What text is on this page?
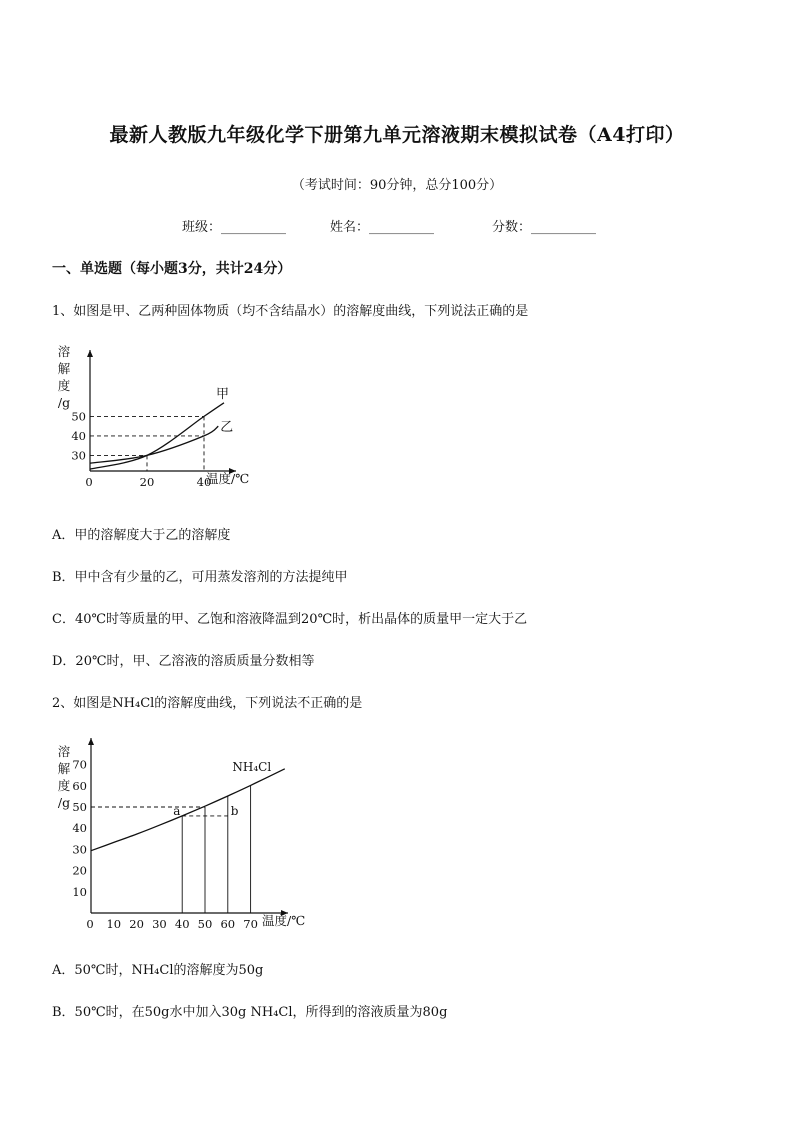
最新人教版九年级化学下册第九单元溶液期末模拟试卷（A4打印）
（考试时间：90分钟，总分100分）
班级：__________	姓名：__________	分数：__________
一、单选题（每小题3分，共计24分）
1、如图是甲、乙两种固体物质（均不含结晶水）的溶解度曲线，下列说法正确的是
溶
解
度
/g
温度/℃
0	20	40
30
40
50
甲
乙
A．甲的溶解度大于乙的溶解度
B．甲中含有少量的乙，可用蒸发溶剂的方法提纯甲
C．40℃时等质量的甲、乙饱和溶液降温到20℃时，析出晶体的质量甲一定大于乙
D．20℃时，甲、乙溶液的溶质质量分数相等
2、如图是NH₄Cl的溶解度曲线，下列说法不正确的是
溶
解
度
/g
温度/℃
0 10 20 30 40 50 60 70
10
20
30
40
50
60
70	NH₄Cl
a	b
A．50℃时，NH₄Cl的溶解度为50g
B．50℃时，在50g水中加入30g NH₄Cl，所得到的溶液质量为80g
